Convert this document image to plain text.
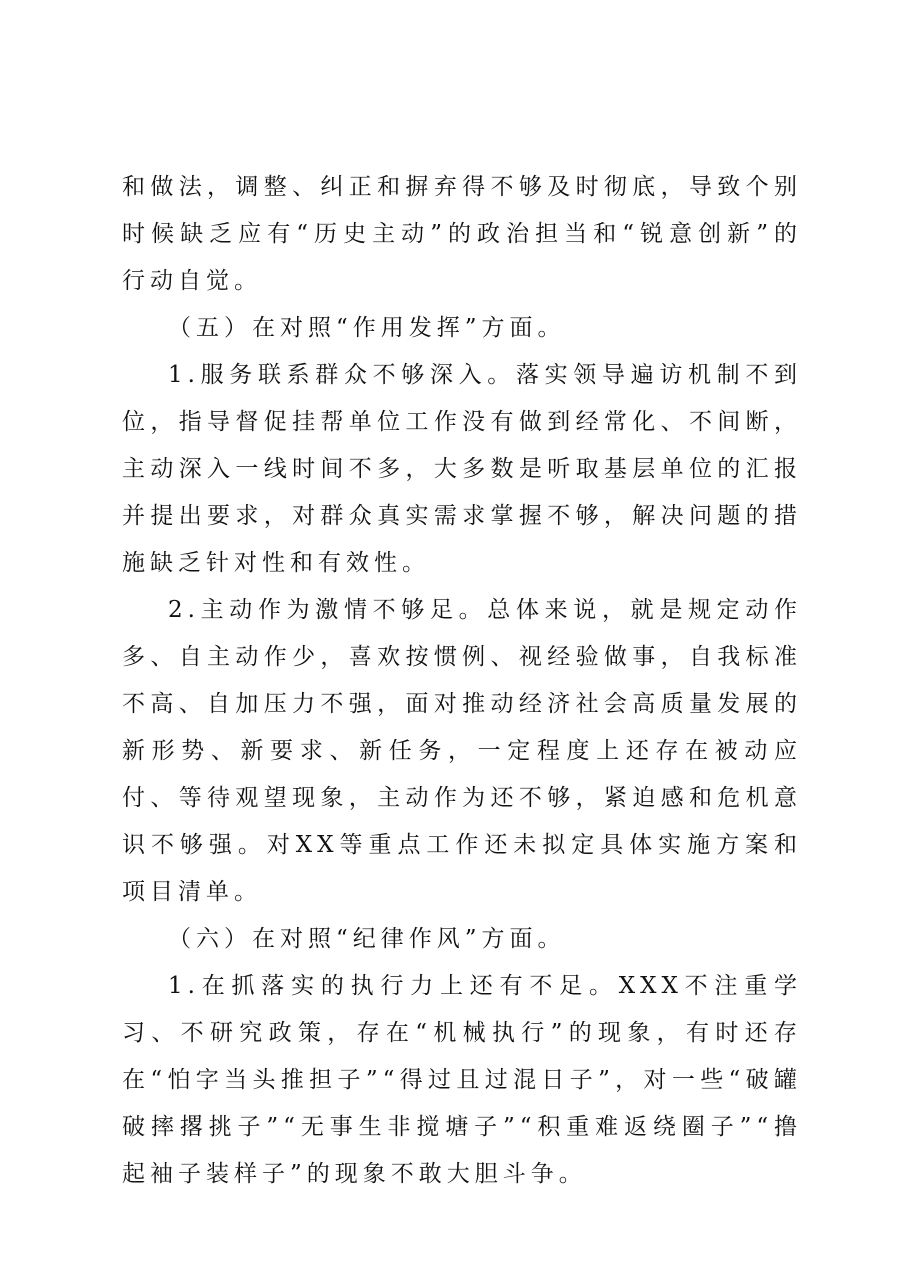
和做法，调整、纠正和摒弃得不够及时彻底，导致个别时候缺乏应有“历史主动”的政治担当和“锐意创新”的行动自觉。

（五）在对照“作用发挥”方面。

1.服务联系群众不够深入。落实领导遍访机制不到位，指导督促挂帮单位工作没有做到经常化、不间断，主动深入一线时间不多，大多数是听取基层单位的汇报并提出要求，对群众真实需求掌握不够，解决问题的措施缺乏针对性和有效性。

2.主动作为激情不够足。总体来说，就是规定动作多、自主动作少，喜欢按惯例、视经验做事，自我标准不高、自加压力不强，面对推动经济社会高质量发展的新形势、新要求、新任务，一定程度上还存在被动应付、等待观望现象，主动作为还不够，紧迫感和危机意识不够强。对XX等重点工作还未拟定具体实施方案和项目清单。

（六）在对照“纪律作风”方面。

1.在抓落实的执行力上还有不足。XXX不注重学习、不研究政策，存在“机械执行”的现象，有时还存在“怕字当头推担子”“得过且过混日子”，对一些“破罐破摔撂挑子”“无事生非搅塘子”“积重难返绕圈子”“撸起袖子装样子”的现象不敢大胆斗争。
